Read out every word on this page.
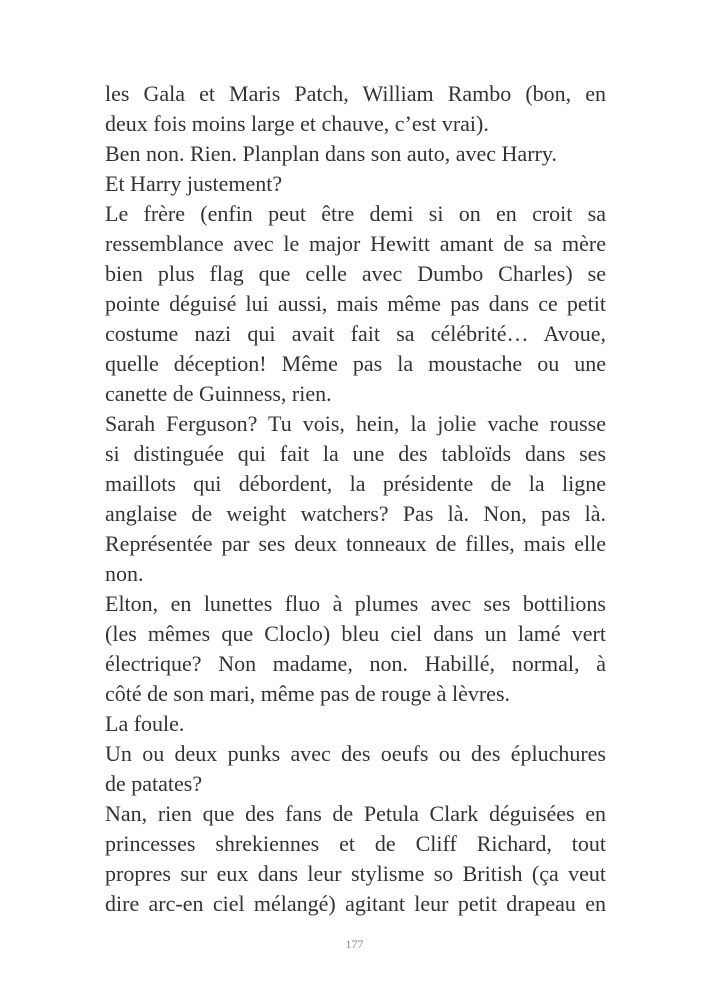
les Gala et Maris Patch, William Rambo (bon, en
deux fois moins large et chauve, c’est vrai).
Ben non. Rien. Planplan dans son auto, avec Harry.
Et Harry justement?
Le frère (enfin peut être demi si on en croit sa
ressemblance avec le major Hewitt amant de sa mère
bien plus flag que celle avec Dumbo Charles) se
pointe déguisé lui aussi, mais même pas dans ce petit
costume nazi qui avait fait sa célébrité… Avoue,
quelle déception! Même pas la moustache ou une
canette de Guinness, rien.
Sarah Ferguson? Tu vois, hein, la jolie vache rousse
si distinguée qui fait la une des tabloïds dans ses
maillots qui débordent, la présidente de la ligne
anglaise de weight watchers? Pas là. Non, pas là.
Représentée par ses deux tonneaux de filles, mais elle
non.
Elton, en lunettes fluo à plumes avec ses bottilions
(les mêmes que Cloclo) bleu ciel dans un lamé vert
électrique? Non madame, non. Habillé, normal, à
côté de son mari, même pas de rouge à lèvres.
La foule.
Un ou deux punks avec des oeufs ou des épluchures
de patates?
Nan, rien que des fans de Petula Clark déguisées en
princesses shrekiennes et de Cliff Richard, tout
propres sur eux dans leur stylisme so British (ça veut
dire arc-en ciel mélangé) agitant leur petit drapeau en
177
